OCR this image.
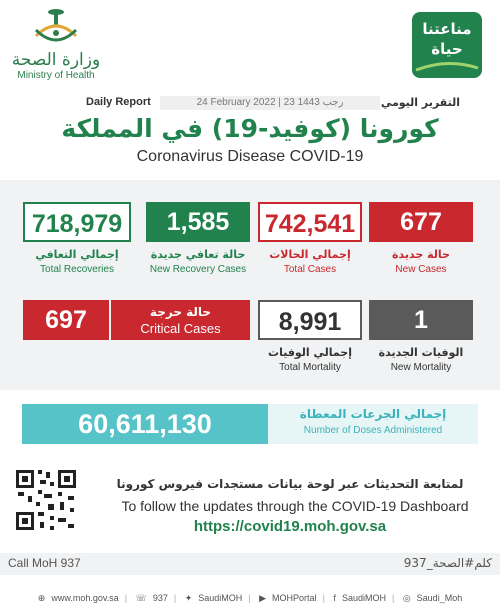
وزارة الصحة
Ministry of Health
مناعتنا
حياة
Daily Report	24 February 2022 | 23 رجب 1443	التقرير اليومي
كورونا (كوفيد-19) في المملكة
Coronavirus Disease COVID-19
718,979
إجمالي التعافي
Total Recoveries
1,585
حالة تعافي جديدة
New Recovery Cases
742,541
إجمالي الحالات
Total Cases
677
حالة جديدة
New Cases
697	حالة حرجة
Critical Cases	8,991
إجمالي الوفيات
Total Mortality
1
الوفيات الجديدة
New Mortality
60,611,130	إجمالي الجرعات المعطاة
Number of Doses Administered
لمتابعة التحديثات عبر لوحة بيانات مستجدات فيروس كورونا
To follow the updates through the COVID-19 Dashboard
https://covid19.moh.gov.sa
Call MoH 937	كلم#الصحة_937
⊕ www.moh.gov.sa | ☏ 937 | ✦ SaudiMOH | ▶ MOHPortal | f SaudiMOH | ◎ Saudi_Moh
